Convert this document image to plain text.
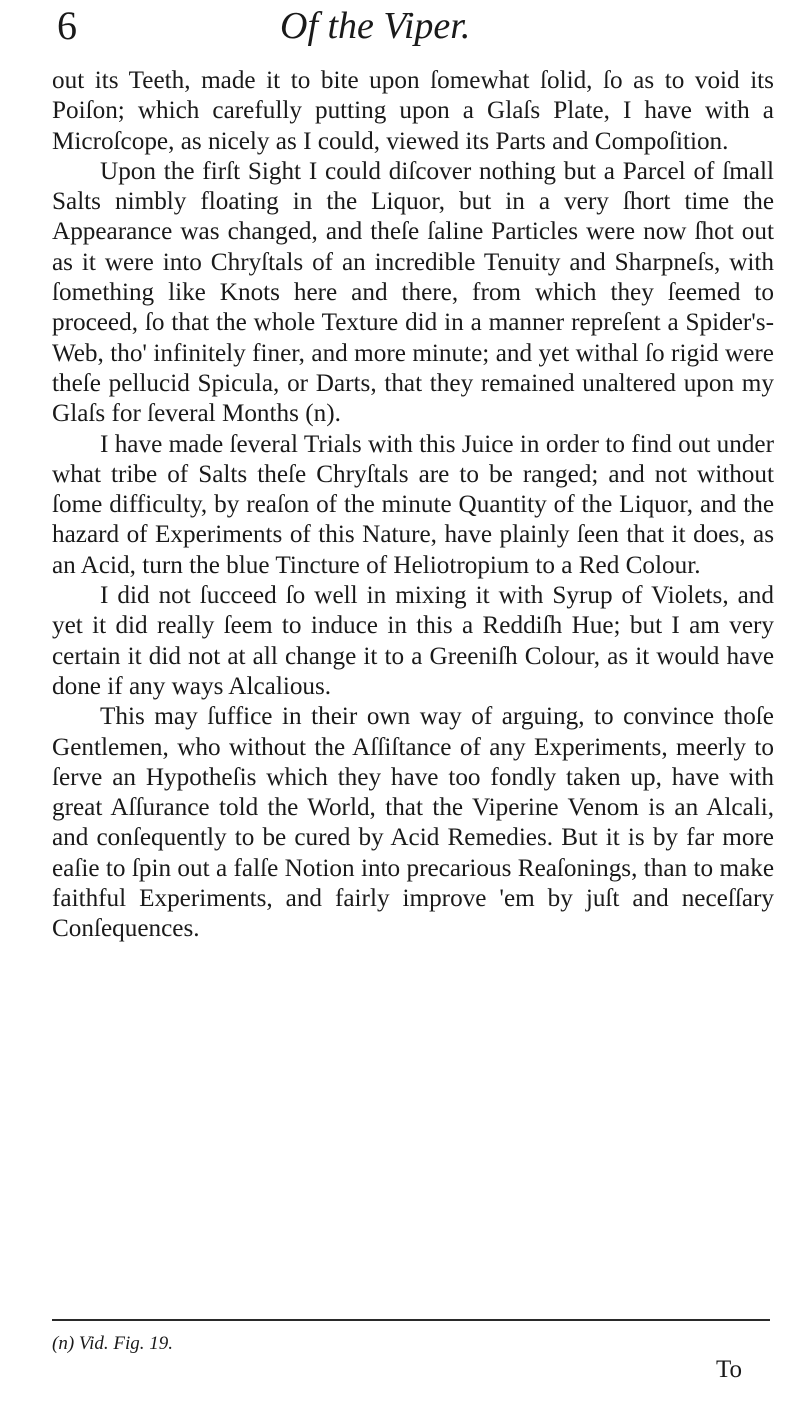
6	Of the Viper.

out its Teeth, made it to bite upon ſomewhat ſolid, ſo as to void its Poiſon; which carefully putting upon a Glaſs Plate, I have with a Microſcope, as nicely as I could, viewed its Parts and Compoſition.

Upon the firſt Sight I could diſcover nothing but a Parcel of ſmall Salts nimbly floating in the Liquor, but in a very ſhort time the Appearance was changed, and theſe ſaline Particles were now ſhot out as it were into Chryſtals of an incredible Tenuity and Sharpneſs, with ſomething like Knots here and there, from which they ſeemed to proceed, ſo that the whole Texture did in a manner repreſent a Spider's-Web, tho' infinitely finer, and more minute; and yet withal ſo rigid were theſe pellucid Spicula, or Darts, that they remained unaltered upon my Glaſs for ſeveral Months (n).

I have made ſeveral Trials with this Juice in order to find out under what tribe of Salts theſe Chryſtals are to be ranged; and not without ſome difficulty, by reaſon of the minute Quantity of the Liquor, and the hazard of Experiments of this Nature, have plainly ſeen that it does, as an Acid, turn the blue Tincture of Heliotropium to a Red Colour.

I did not ſucceed ſo well in mixing it with Syrup of Violets, and yet it did really ſeem to induce in this a Reddiſh Hue; but I am very certain it did not at all change it to a Greeniſh Colour, as it would have done if any ways Alcalious.

This may ſuffice in their own way of arguing, to convince thoſe Gentlemen, who without the Aſſiſtance of any Experiments, meerly to ſerve an Hypotheſis which they have too fondly taken up, have with great Aſſurance told the World, that the Viperine Venom is an Alcali, and conſequently to be cured by Acid Remedies. But it is by far more eaſie to ſpin out a falſe Notion into precarious Reaſonings, than to make faithful Experiments, and fairly improve 'em by juſt and neceſſary Conſequences.

(n) Vid. Fig. 19.
To
